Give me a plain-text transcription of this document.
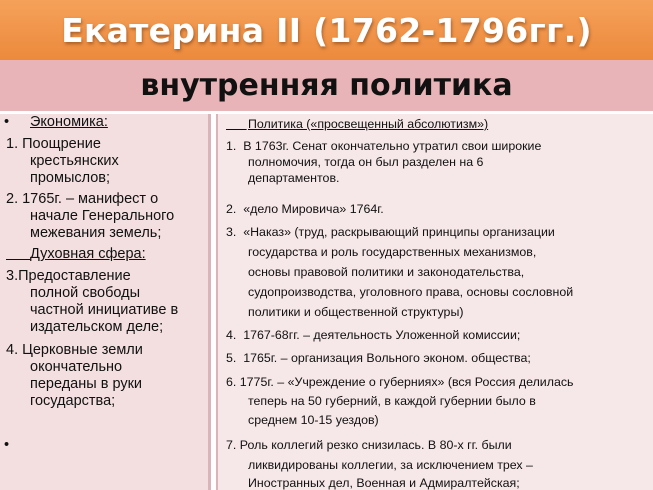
Екатерина II (1762-1796гг.)
внутренняя политика
• Экономика:
1. Поощрение
крестьянских
промыслов;
2. 1765г. – манифест о
начале Генерального
межевания земель;

Духовная сфера:
3.Предоставление
полной свободы
частной инициативе в
издательском деле;
4. Церковные земли
окончательно
переданы в руки
государства;
•

Политика («просвещенный абсолютизм»)
1.  В 1763г. Сенат окончательно утратил свои широкие
полномочия, тогда он был разделен на 6
департаментов.
2.  «дело Мировича» 1764г.
3.  «Наказ» (труд, раскрывающий принципы организации
государства и роль государственных механизмов,
основы правовой политики и законодательства,
судопроизводства, уголовного права, основы сословной
политики и общественной структуры)
4.  1767-68гг. – деятельность Уложенной комиссии;
5.  1765г. – организация Вольного эконом. общества;
6. 1775г. – «Учреждение о губерниях» (вся Россия делилась
теперь на 50 губерний, в каждой губернии было в
среднем 10-15 уездов)
7. Роль коллегий резко снизилась. В 80-х гг. были
ликвидированы коллегии, за исключением трех –
Иностранных дел, Военная и Адмиралтейская;
